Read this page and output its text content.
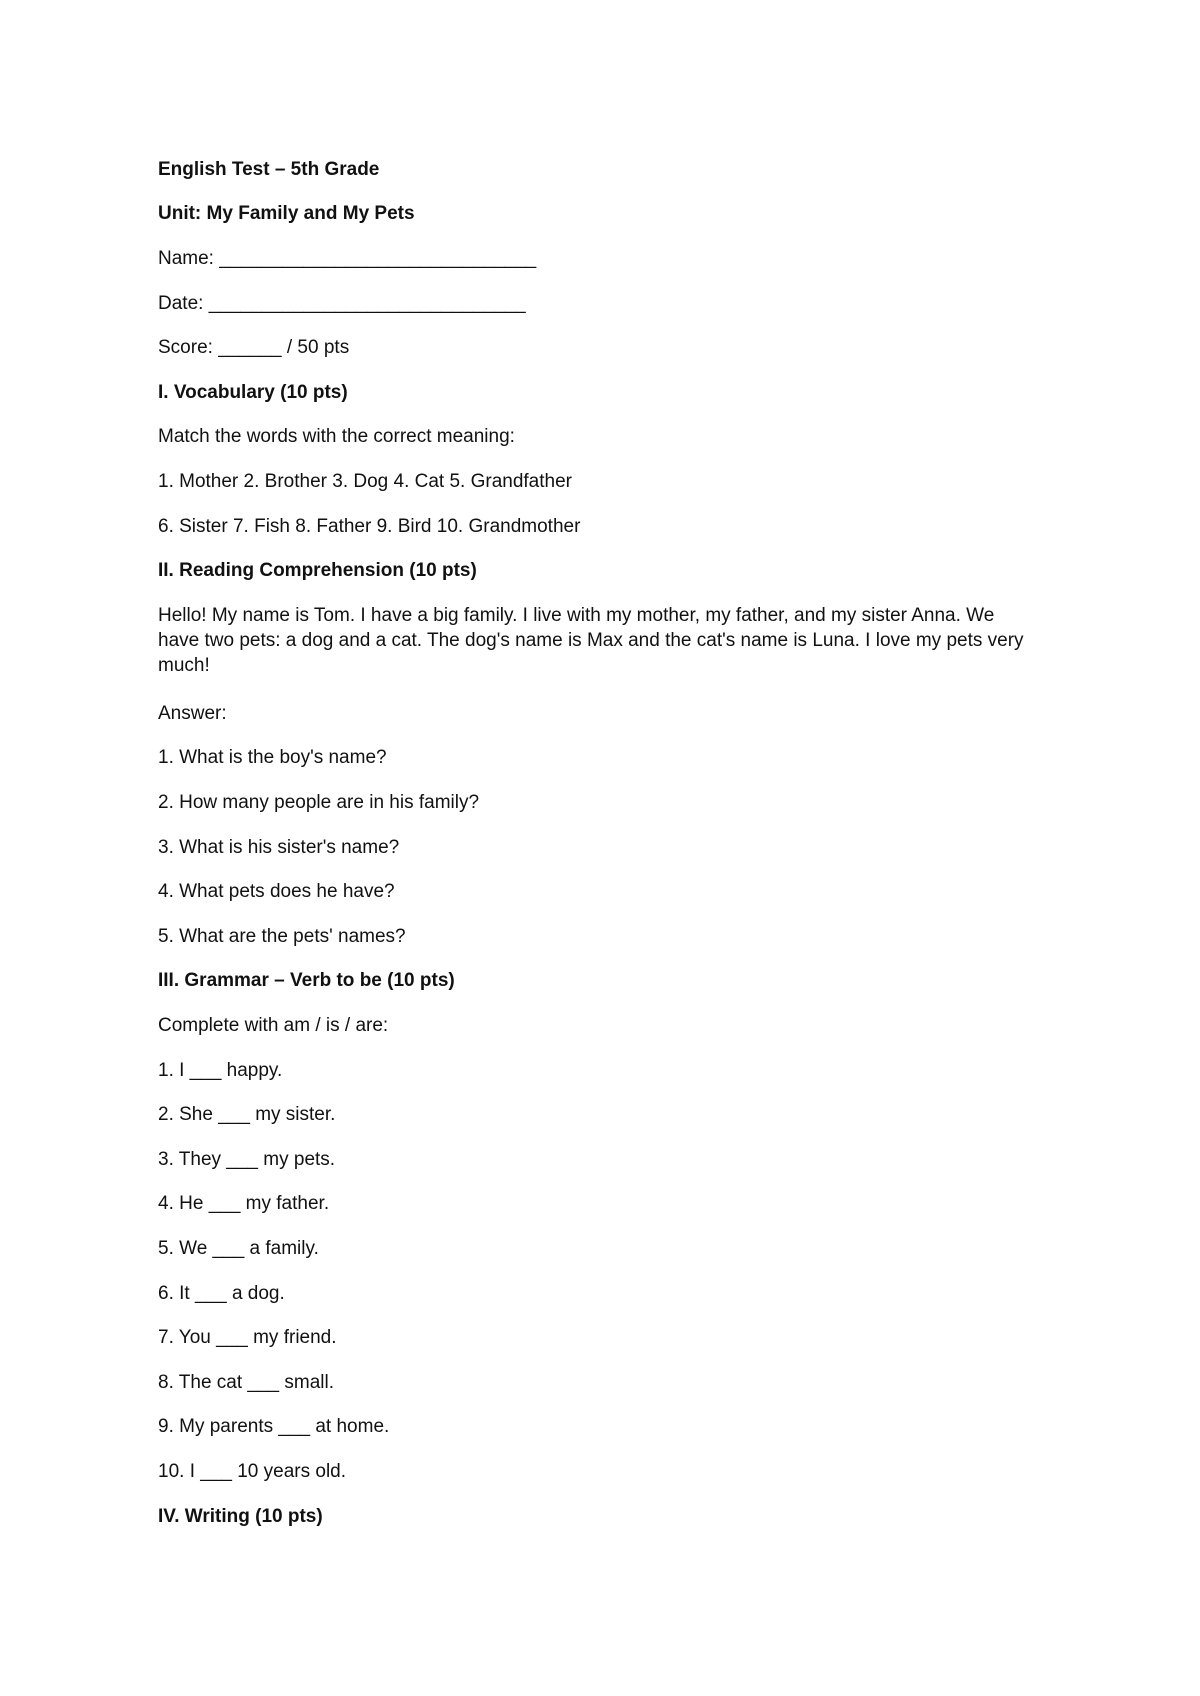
English Test – 5th Grade

Unit: My Family and My Pets

Name: ______________________________

Date: ______________________________

Score: ______ / 50 pts

I. Vocabulary (10 pts)

Match the words with the correct meaning:

1. Mother 2. Brother 3. Dog 4. Cat 5. Grandfather

6. Sister 7. Fish 8. Father 9. Bird 10. Grandmother

II. Reading Comprehension (10 pts)

Hello! My name is Tom. I have a big family. I live with my mother, my father, and my sister Anna. We have two pets: a dog and a cat. The dog's name is Max and the cat's name is Luna. I love my pets very much!

Answer:

1. What is the boy's name?

2. How many people are in his family?

3. What is his sister's name?

4. What pets does he have?

5. What are the pets' names?

III. Grammar – Verb to be (10 pts)

Complete with am / is / are:

1. I ___ happy.

2. She ___ my sister.

3. They ___ my pets.

4. He ___ my father.

5. We ___ a family.

6. It ___ a dog.

7. You ___ my friend.

8. The cat ___ small.

9. My parents ___ at home.

10. I ___ 10 years old.

IV. Writing (10 pts)
